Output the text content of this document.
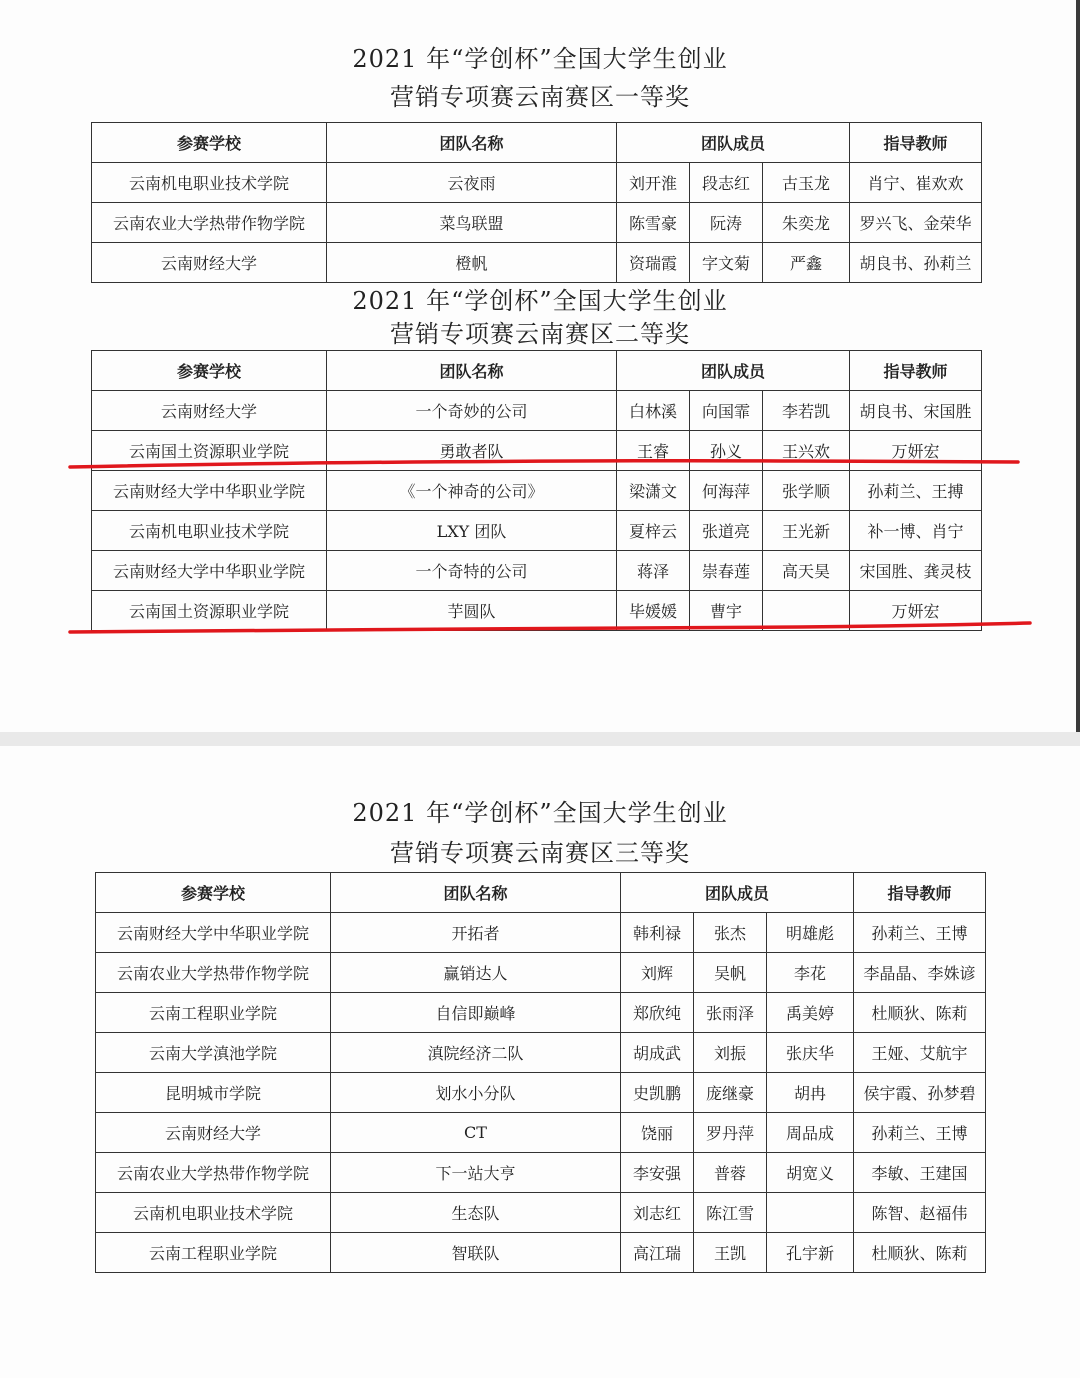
2021 年“学创杯”全国大学生创业
营销专项赛云南赛区一等奖
参赛学校	团队名称	团队成员			指导教师
云南机电职业技术学院	云夜雨	刘开淮	段志红	古玉龙	肖宁、崔欢欢
云南农业大学热带作物学院	菜鸟联盟	陈雪豪	阮涛	朱奕龙	罗兴飞、金荣华
云南财经大学	橙帆	资瑞霞	字文菊	严鑫	胡良书、孙莉兰
2021 年“学创杯”全国大学生创业
营销专项赛云南赛区二等奖
参赛学校	团队名称	团队成员			指导教师
云南财经大学	一个奇妙的公司	白林溪	向国霏	李若凯	胡良书、宋国胜
云南国土资源职业学院	勇敢者队	王睿	孙义	王兴欢	万妍宏
云南财经大学中华职业学院	《一个神奇的公司》	梁潇文	何海萍	张学顺	孙莉兰、王搏
云南机电职业技术学院	LXY 团队	夏梓云	张道亮	王光新	补一博、肖宁
云南财经大学中华职业学院	一个奇特的公司	蒋泽	崇春莲	高天昊	宋国胜、龚灵枝
云南国土资源职业学院	芋圆队	毕媛媛	曹宇		万妍宏
2021 年“学创杯”全国大学生创业
营销专项赛云南赛区三等奖
参赛学校	团队名称	团队成员			指导教师
云南财经大学中华职业学院	开拓者	韩利禄	张杰	明雄彪	孙莉兰、王博
云南农业大学热带作物学院	赢销达人	刘辉	吴帆	李花	李晶晶、李姝谚
云南工程职业学院	自信即巅峰	郑欣纯	张雨泽	禹美婷	杜顺狄、陈莉
云南大学滇池学院	滇院经济二队	胡成武	刘振	张庆华	王娅、艾航宇
昆明城市学院	划水小分队	史凯鹏	庞继豪	胡冉	侯宇霞、孙梦碧
云南财经大学	CT	饶丽	罗丹萍	周品成	孙莉兰、王博
云南农业大学热带作物学院	下一站大亨	李安强	普蓉	胡宽义	李敏、王建国
云南机电职业技术学院	生态队	刘志红	陈江雪		陈智、赵福伟
云南工程职业学院	智联队	高江瑞	王凯	孔宇新	杜顺狄、陈莉
